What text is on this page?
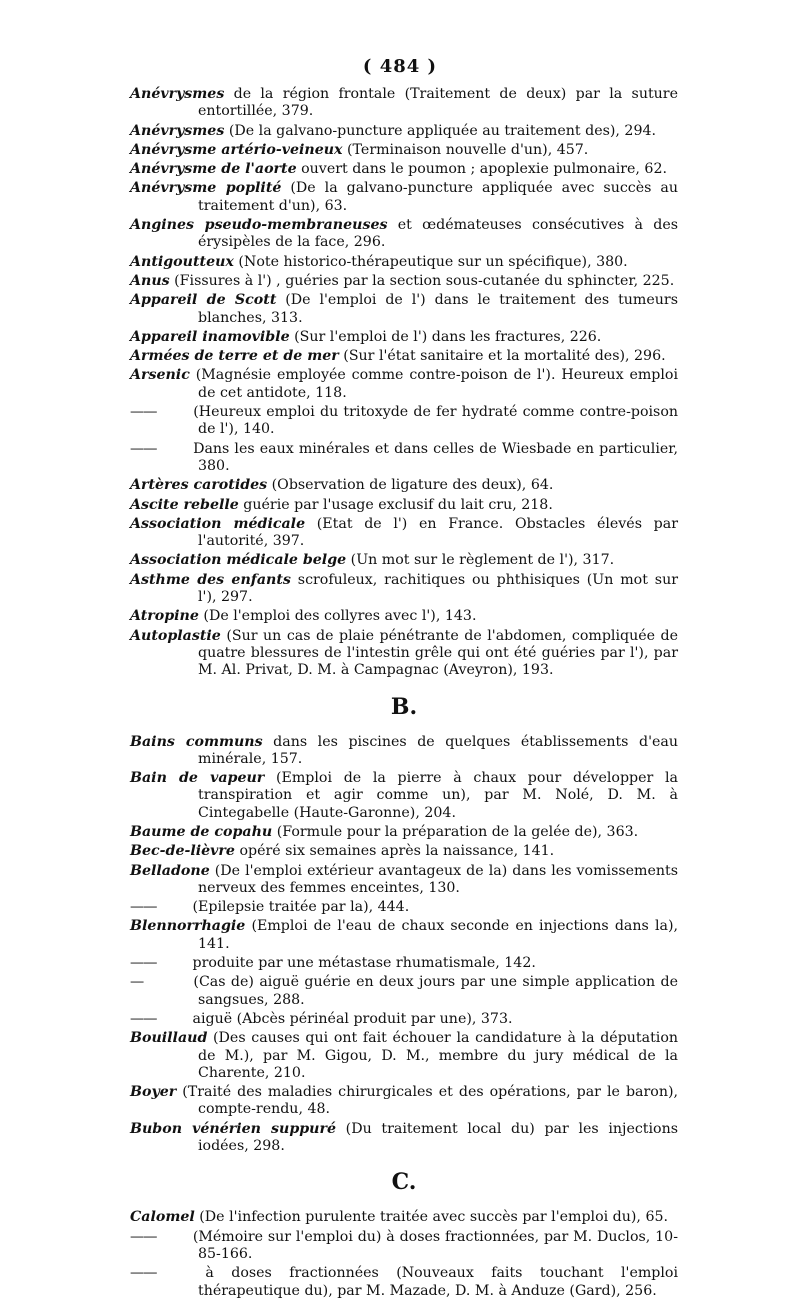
( 484 )
Anévrysmes de la région frontale (Traitement de deux) par la suture entortillée, 379.
Anévrysmes (De la galvano-puncture appliquée au traitement des), 294.
Anévrysme artério-veineux (Terminaison nouvelle d'un), 457.
Anévrysme de l'aorte ouvert dans le poumon ; apoplexie pulmonaire, 62.
Anévrysme poplité (De la galvano-puncture appliquée avec succès au traitement d'un), 63.
Angines pseudo-membraneuses et œdémateuses consécutives à des érysipèles de la face, 296.
Antigoutteux (Note historico-thérapeutique sur un spécifique), 380.
Anus (Fissures à l') , guéries par la section sous-cutanée du sphincter, 225.
Appareil de Scott (De l'emploi de l') dans le traitement des tumeurs blanches, 313.
Appareil inamovible (Sur l'emploi de l') dans les fractures, 226.
Armées de terre et de mer (Sur l'état sanitaire et la mortalité des), 296.
Arsenic (Magnésie employée comme contre-poison de l'). Heureux emploi de cet antidote, 118.
—— (Heureux emploi du tritoxyde de fer hydraté comme contre-poison de l'), 140.
—— Dans les eaux minérales et dans celles de Wiesbade en particulier, 380.
Artères carotides (Observation de ligature des deux), 64.
Ascite rebelle guérie par l'usage exclusif du lait cru, 218.
Association médicale (Etat de l') en France. Obstacles élevés par l'autorité, 397.
Association médicale belge (Un mot sur le règlement de l'), 317.
Asthme des enfants scrofuleux, rachitiques ou phthisiques (Un mot sur l'), 297.
Atropine (De l'emploi des collyres avec l'), 143.
Autoplastie (Sur un cas de plaie pénétrante de l'abdomen, compliquée de quatre blessures de l'intestin grêle qui ont été guéries par l'), par M. Al. Privat, D. M. à Campagnac (Aveyron), 193.
B.
Bains communs dans les piscines de quelques établissements d'eau minérale, 157.
Bain de vapeur (Emploi de la pierre à chaux pour développer la transpiration et agir comme un), par M. Nolé, D. M. à Cintegabelle (Haute-Garonne), 204.
Baume de copahu (Formule pour la préparation de la gelée de), 363.
Bec-de-lièvre opéré six semaines après la naissance, 141.
Belladone (De l'emploi extérieur avantageux de la) dans les vomissements nerveux des femmes enceintes, 130.
—— (Epilepsie traitée par la), 444.
Blennorrhagie (Emploi de l'eau de chaux seconde en injections dans la), 141.
—— produite par une métastase rhumatismale, 142.
—	(Cas de) aiguë guérie en deux jours par une simple application de sangsues, 288.
—— aiguë (Abcès périnéal produit par une), 373.
Bouillaud (Des causes qui ont fait échouer la candidature à la députation de M.), par M. Gigou, D. M., membre du jury médical de la Charente, 210.
Boyer (Traité des maladies chirurgicales et des opérations, par le baron), compte-rendu, 48.
Bubon vénérien suppuré (Du traitement local du) par les injections iodées, 298.
C.
Calomel (De l'infection purulente traitée avec succès par l'emploi du), 65.
—— (Mémoire sur l'emploi du) à doses fractionnées, par M. Duclos, 10-85-166.
—— à doses fractionnées (Nouveaux faits touchant l'emploi thérapeutique du), par M. Mazade, D. M. à Anduze (Gard), 256.
